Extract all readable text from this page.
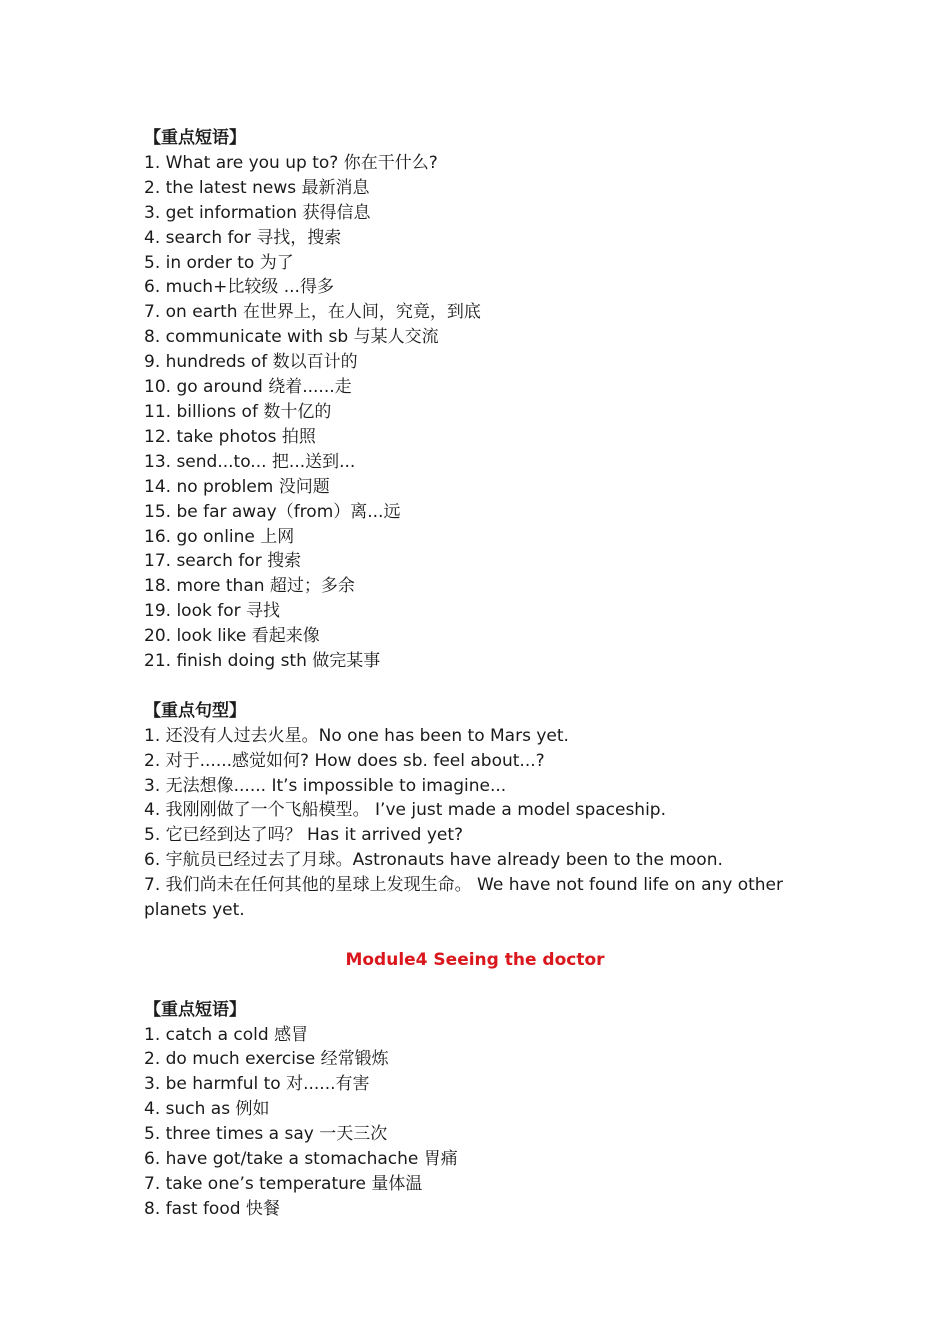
【重点短语】

1. What are you up to? 你在干什么?

2. the latest news 最新消息

3. get information 获得信息

4. search for 寻找，搜索

5. in order to 为了

6. much+比较级 ...得多

7. on earth 在世界上，在人间，究竟，到底

8. communicate with sb 与某人交流

9. hundreds of 数以百计的

10. go around 绕着......走

11. billions of 数十亿的

12. take photos 拍照

13. send...to... 把...送到...

14. no problem 没问题

15. be far away（from）离...远

16. go online 上网

17. search for 搜索

18. more than 超过；多余

19. look for 寻找

20. look like 看起来像

21. finish doing sth 做完某事

【重点句型】

1. 还没有人过去火星。No one has been to Mars yet.

2. 对于......感觉如何? How does sb. feel about...?

3. 无法想像...... It’s impossible to imagine...

4. 我刚刚做了一个飞船模型。 I’ve just made a model spaceship.

5. 它已经到达了吗？ Has it arrived yet?

6. 宇航员已经过去了月球。Astronauts have already been to the moon.

7. 我们尚未在任何其他的星球上发现生命。 We have not found life on any other planets yet.

Module4 Seeing the doctor

【重点短语】

1. catch a cold 感冒

2. do much exercise 经常锻炼

3. be harmful to 对......有害

4. such as 例如

5. three times a say 一天三次

6. have got/take a stomachache 胃痛

7. take one’s temperature 量体温

8. fast food 快餐
